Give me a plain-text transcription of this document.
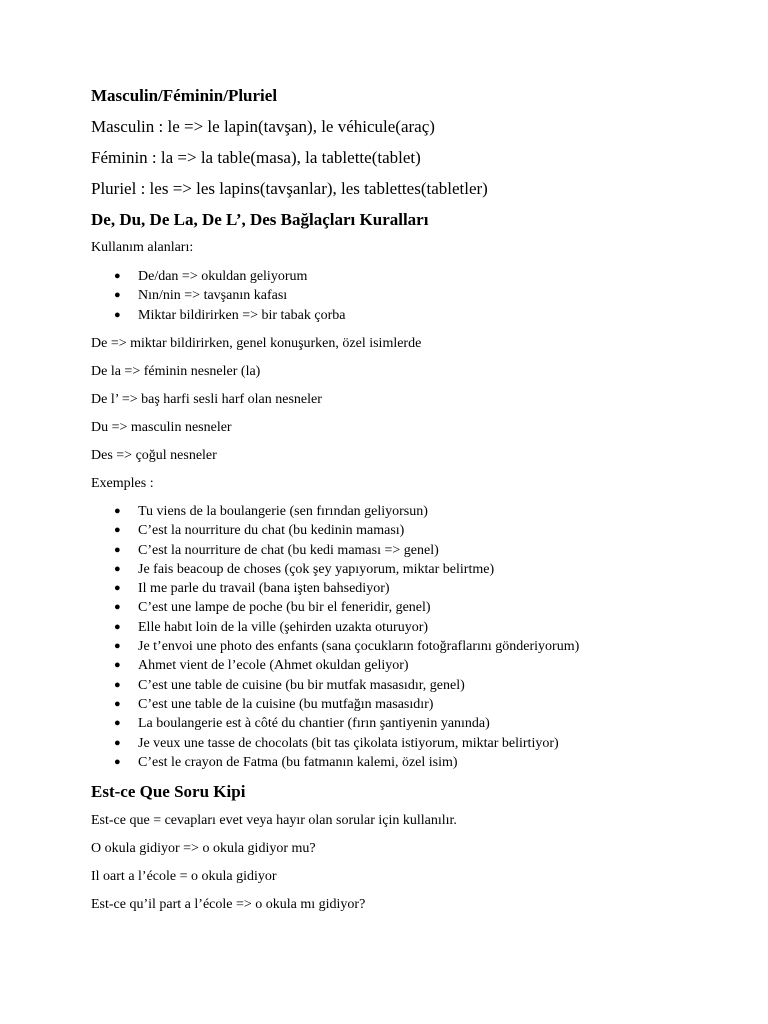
Masculin/Féminin/Pluriel
Masculin : le => le lapin(tavşan), le véhicule(araç)
Féminin : la => la table(masa), la tablette(tablet)
Pluriel : les => les lapins(tavşanlar), les tablettes(tabletler)
De, Du, De La, De L’, Des Bağlaçları Kuralları
Kullanım alanları:
● De/dan => okuldan geliyorum
● Nın/nin => tavşanın kafası
● Miktar bildirirken => bir tabak çorba
De => miktar bildirirken, genel konuşurken, özel isimlerde
De la => féminin nesneler (la)
De l’ => baş harfi sesli harf olan nesneler
Du => masculin nesneler
Des => çoğul nesneler
Exemples :
● Tu viens de la boulangerie (sen fırından geliyorsun)
● C’est la nourriture du chat (bu kedinin maması)
● C’est la nourriture de chat (bu kedi maması => genel)
● Je fais beacoup de choses (çok şey yapıyorum, miktar belirtme)
● Il me parle du travail (bana işten bahsediyor)
● C’est une lampe de poche (bu bir el feneridir, genel)
● Elle habıt loin de la ville (şehirden uzakta oturuyor)
● Je t’envoi une photo des enfants (sana çocukların fotoğraflarını gönderiyorum)
● Ahmet vient de l’ecole (Ahmet okuldan geliyor)
● C’est une table de cuisine (bu bir mutfak masasıdır, genel)
● C’est une table de la cuisine (bu mutfağın masasıdır)
● La boulangerie est à côté du chantier (fırın şantiyenin yanında)
● Je veux une tasse de chocolats (bit tas çikolata istiyorum, miktar belirtiyor)
● C’est le crayon de Fatma (bu fatmanın kalemi, özel isim)
Est-ce Que Soru Kipi
Est-ce que = cevapları evet veya hayır olan sorular için kullanılır.
O okula gidiyor => o okula gidiyor mu?
Il oart a l’école = o okula gidiyor
Est-ce qu’il part a l’école => o okula mı gidiyor?
